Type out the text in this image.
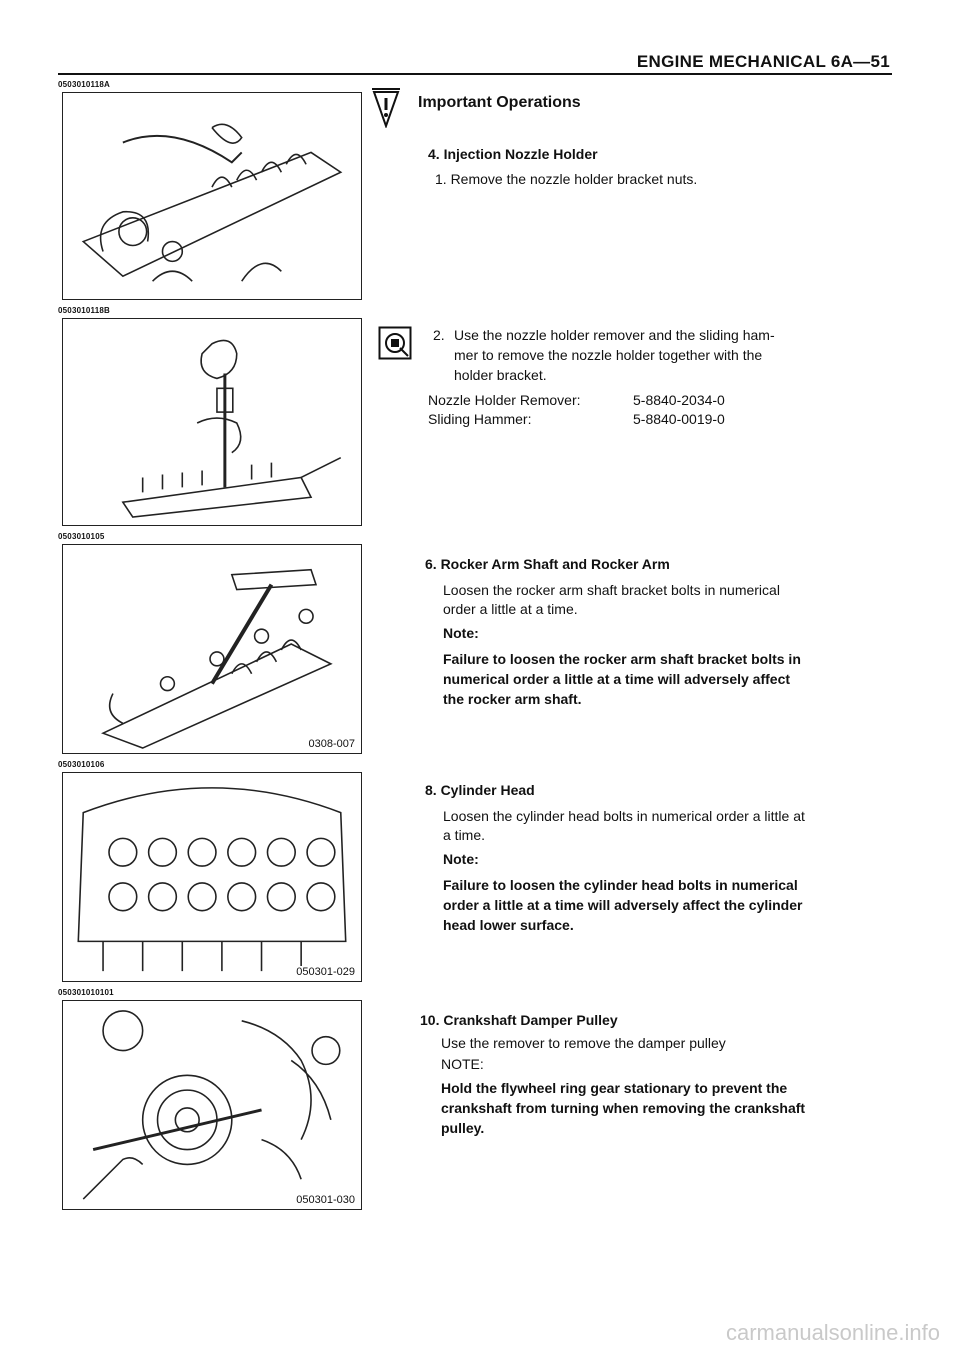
ENGINE MECHANICAL 6A—51
0503010118A
0503010118B
0503010105
0308-007
0503010106
050301-029
050301010101
050301-030
Important Operations
4. Injection Nozzle Holder
1. Remove the nozzle holder bracket nuts.
2. Use the nozzle holder remover and the sliding ham-
mer to remove the nozzle holder together with the
holder bracket.
Nozzle Holder Remover:	5-8840-2034-0
Sliding Hammer:	5-8840-0019-0
6. Rocker Arm Shaft and Rocker Arm
Loosen the rocker arm shaft bracket bolts in numerical
order a little at a time.
Note:
Failure to loosen the rocker arm shaft bracket bolts in
numerical order a little at a time will adversely affect
the rocker arm shaft.
8. Cylinder Head
Loosen the cylinder head bolts in numerical order a little at
a time.
Note:
Failure to loosen the cylinder head bolts in numerical
order a little at a time will adversely affect the cylinder
head lower surface.
10. Crankshaft Damper Pulley
Use the remover to remove the damper pulley
NOTE:
Hold the flywheel ring gear stationary to prevent the
crankshaft from turning when removing the crankshaft
pulley.
carmanualsonline.info
